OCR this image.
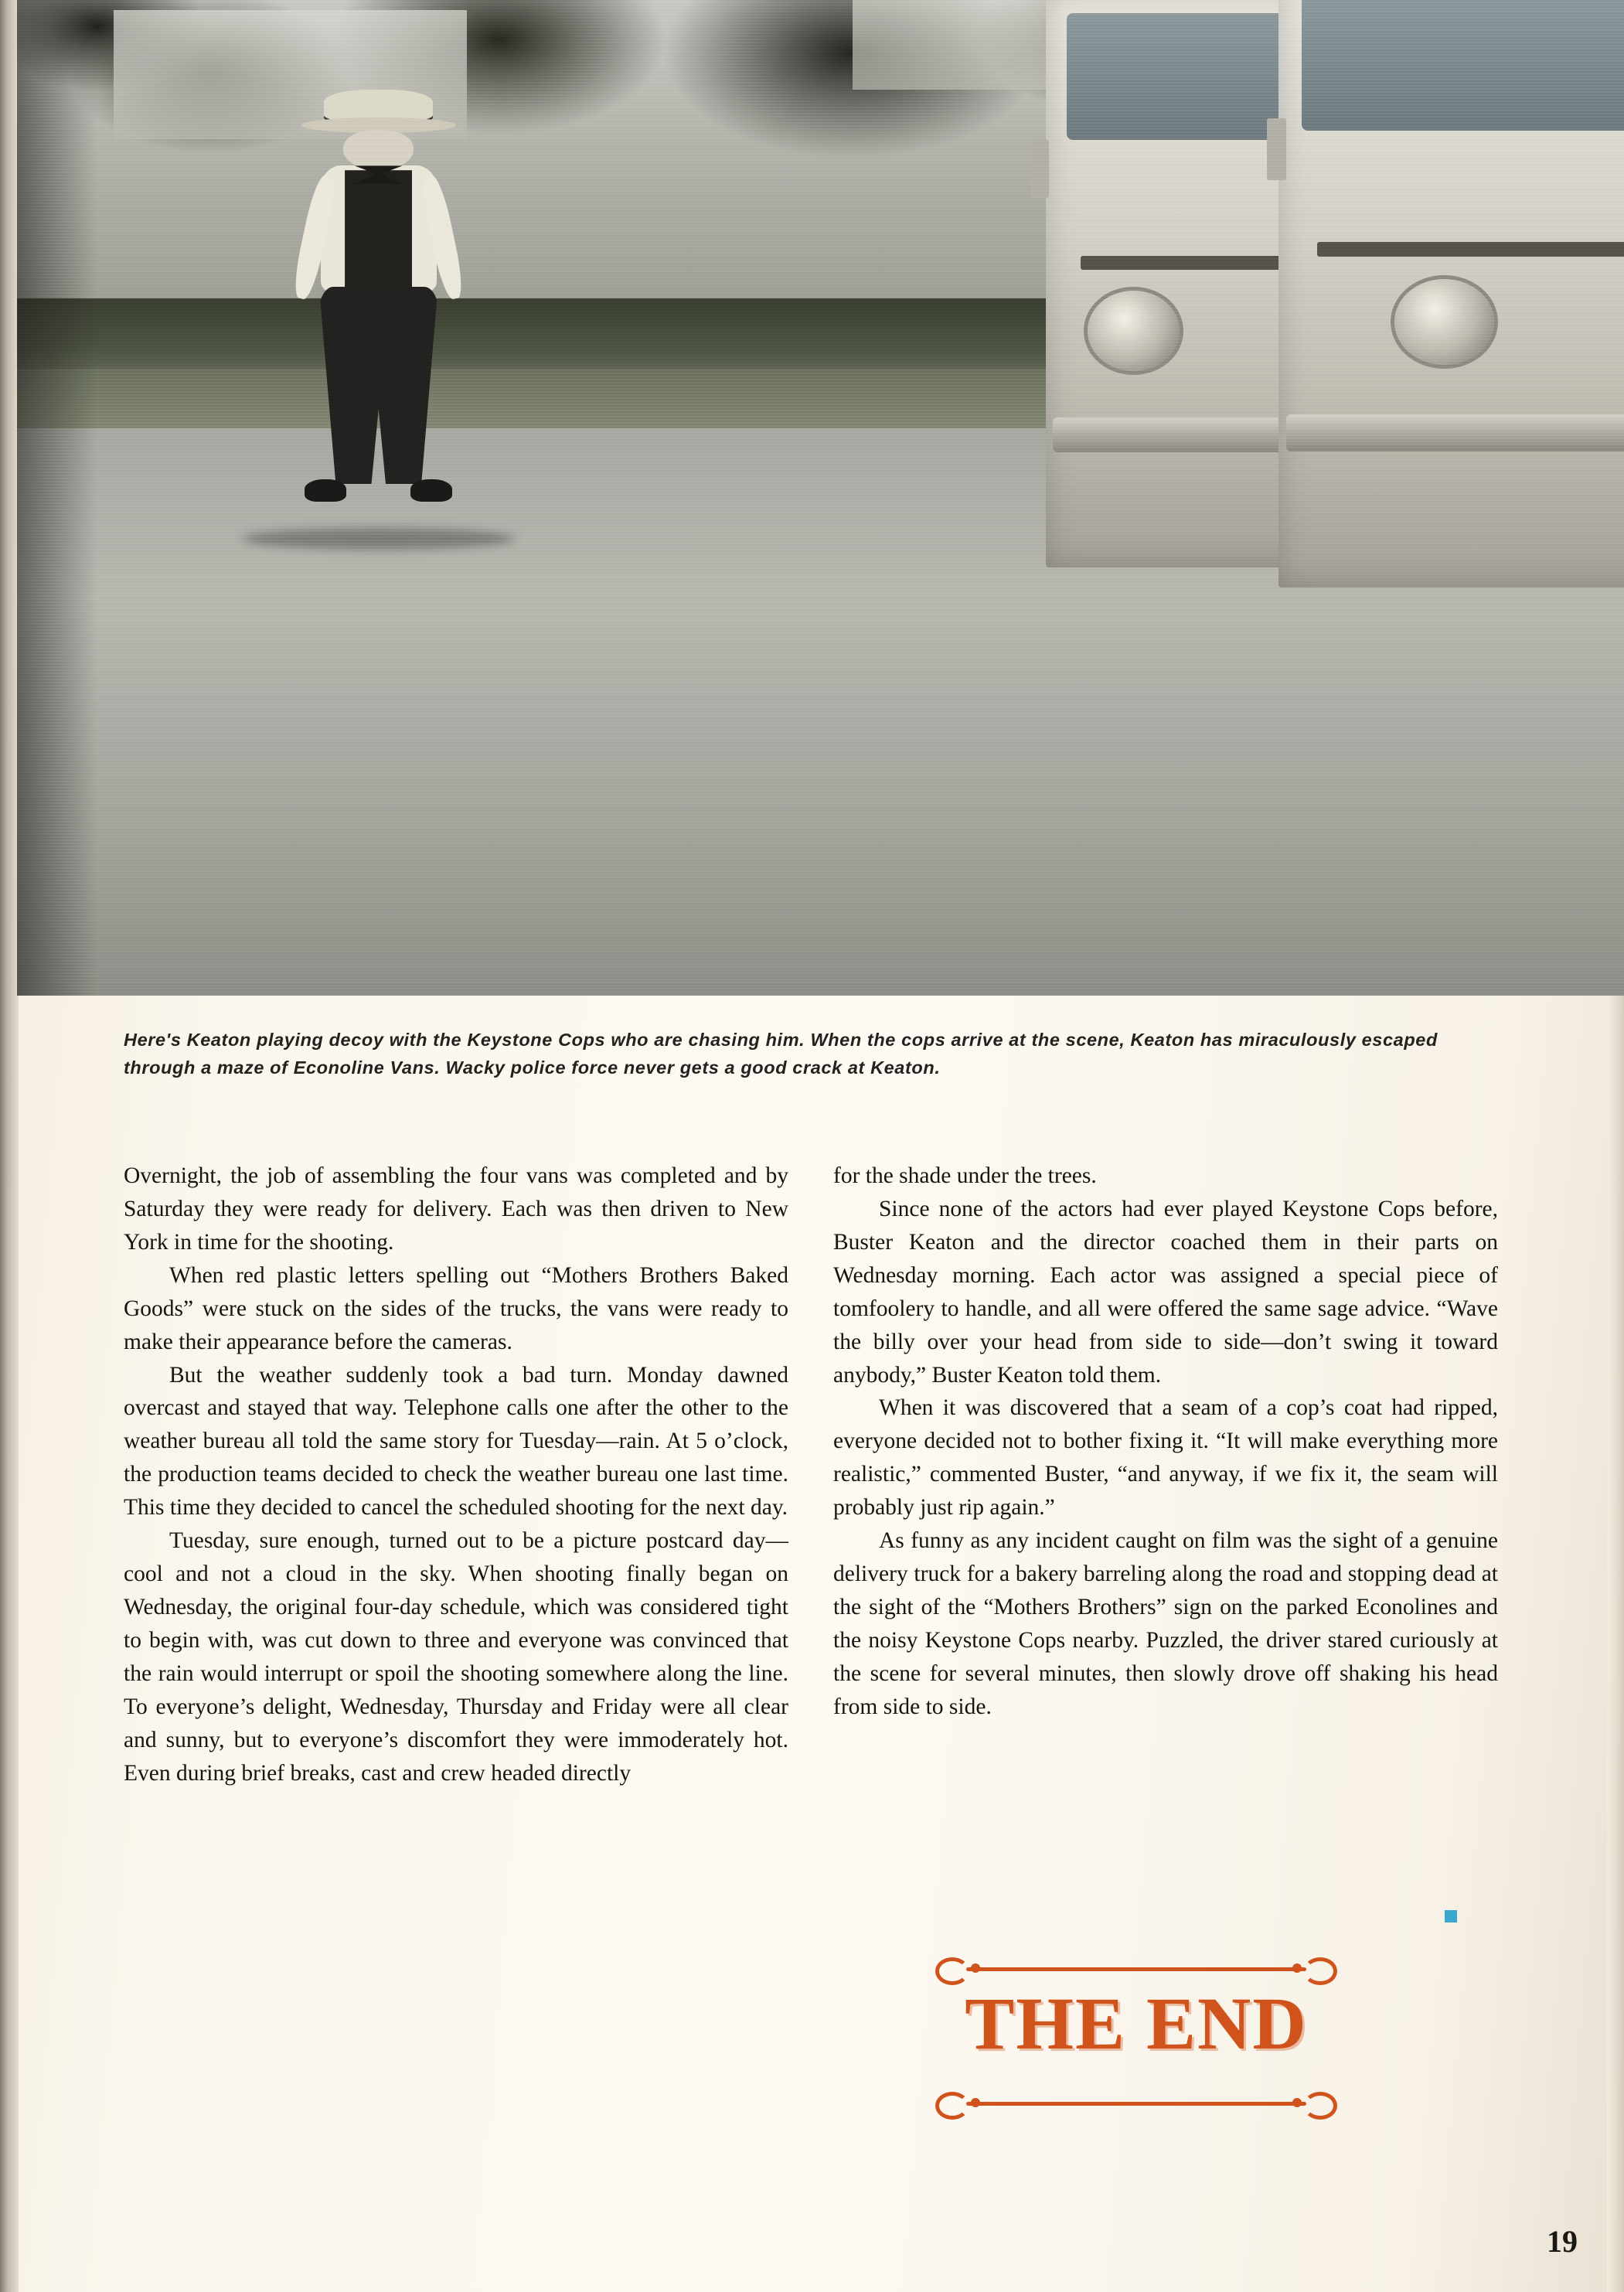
Here's Keaton playing decoy with the Keystone Cops who are chasing him. When the cops arrive at the scene, Keaton has miraculously escaped through a maze of Econoline Vans. Wacky police force never gets a good crack at Keaton.

Overnight, the job of assembling the four vans was completed and by Saturday they were ready for delivery. Each was then driven to New York in time for the shooting.

When red plastic letters spelling out “Mothers Brothers Baked Goods” were stuck on the sides of the trucks, the vans were ready to make their appearance before the cameras.

But the weather suddenly took a bad turn. Monday dawned overcast and stayed that way. Telephone calls one after the other to the weather bureau all told the same story for Tuesday—rain. At 5 o’clock, the production teams decided to check the weather bureau one last time. This time they decided to cancel the scheduled shooting for the next day.

Tuesday, sure enough, turned out to be a picture postcard day—cool and not a cloud in the sky. When shooting finally began on Wednesday, the original four-day schedule, which was considered tight to begin with, was cut down to three and everyone was convinced that the rain would interrupt or spoil the shooting somewhere along the line. To everyone’s delight, Wednesday, Thursday and Friday were all clear and sunny, but to everyone’s discomfort they were immoderately hot. Even during brief breaks, cast and crew headed directly

for the shade under the trees.

Since none of the actors had ever played Keystone Cops before, Buster Keaton and the director coached them in their parts on Wednesday morning. Each actor was assigned a special piece of tomfoolery to handle, and all were offered the same sage advice. “Wave the billy over your head from side to side—don’t swing it toward anybody,” Buster Keaton told them.

When it was discovered that a seam of a cop’s coat had ripped, everyone decided not to bother fixing it. “It will make everything more realistic,” commented Buster, “and anyway, if we fix it, the seam will probably just rip again.”

As funny as any incident caught on film was the sight of a genuine delivery truck for a bakery barreling along the road and stopping dead at the sight of the “Mothers Brothers” sign on the parked Econolines and the noisy Keystone Cops nearby. Puzzled, the driver stared curiously at the scene for several minutes, then slowly drove off shaking his head from side to side.

THE END
19
